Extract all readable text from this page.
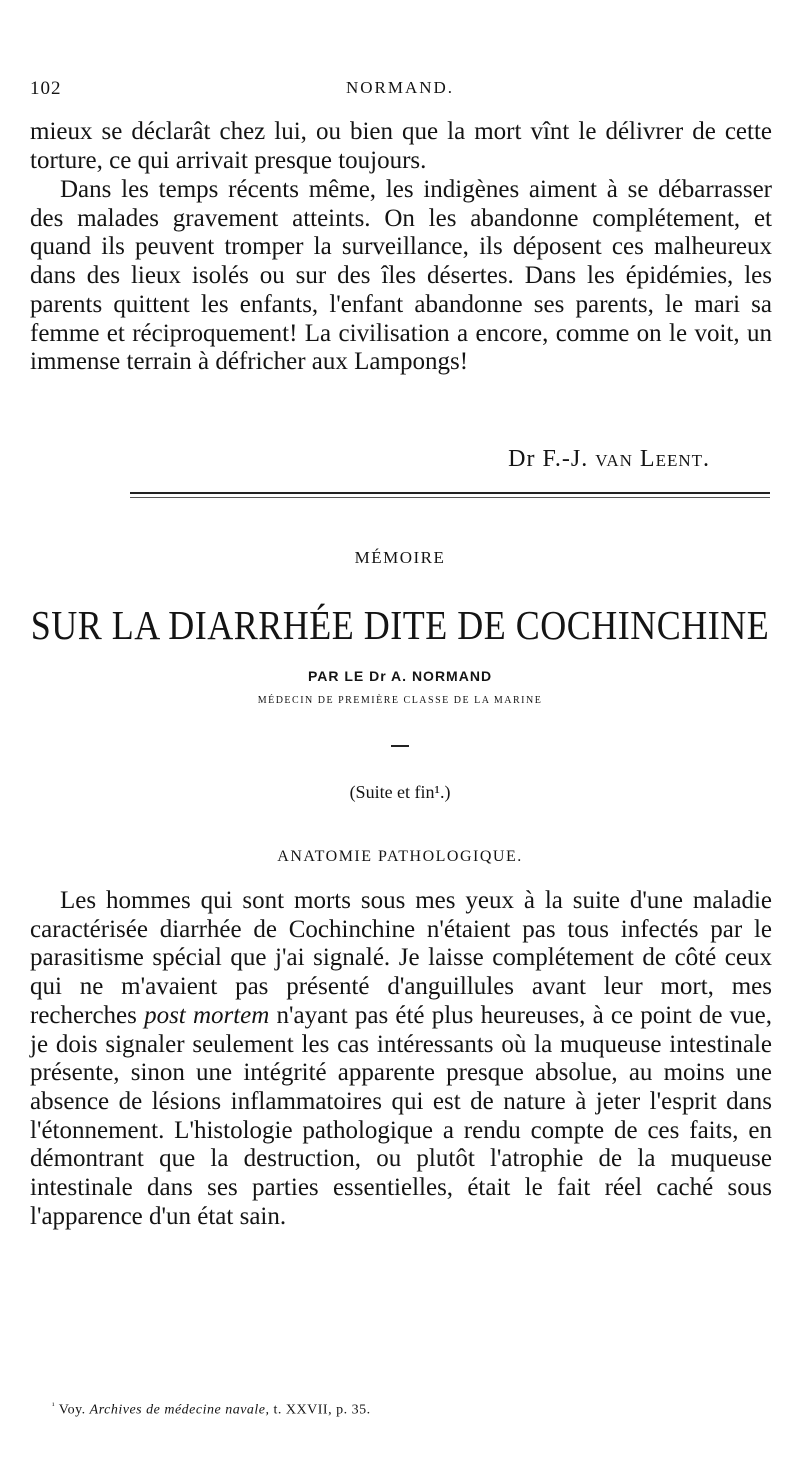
102	NORMAND.

mieux se déclarât chez lui, ou bien que la mort vînt le délivrer de cette torture, ce qui arrivait presque toujours.

Dans les temps récents même, les indigènes aiment à se débarrasser des malades gravement atteints. On les abandonne complétement, et quand ils peuvent tromper la surveillance, ils déposent ces malheureux dans des lieux isolés ou sur des îles désertes. Dans les épidémies, les parents quittent les enfants, l'enfant abandonne ses parents, le mari sa femme et réciproquement! La civilisation a encore, comme on le voit, un immense terrain à défricher aux Lampongs!

Dr F.-J. van Leent.
MÉMOIRE
SUR LA DIARRHÉE DITE DE COCHINCHINE
PAR LE Dr A. NORMAND
MÉDECIN DE PREMIÈRE CLASSE DE LA MARINE
(Suite et fin¹.)
ANATOMIE PATHOLOGIQUE.

Les hommes qui sont morts sous mes yeux à la suite d'une maladie caractérisée diarrhée de Cochinchine n'étaient pas tous infectés par le parasitisme spécial que j'ai signalé. Je laisse complétement de côté ceux qui ne m'avaient pas présenté d'anguillules avant leur mort, mes recherches post mortem n'ayant pas été plus heureuses, à ce point de vue, je dois signaler seulement les cas intéressants où la muqueuse intestinale présente, sinon une intégrité apparente presque absolue, au moins une absence de lésions inflammatoires qui est de nature à jeter l'esprit dans l'étonnement. L'histologie pathologique a rendu compte de ces faits, en démontrant que la destruction, ou plutôt l'atrophie de la muqueuse intestinale dans ses parties essentielles, était le fait réel caché sous l'apparence d'un état sain.

$^{^1}$ Voy. Archives de médecine navale, t. XXVII, p. 35.
